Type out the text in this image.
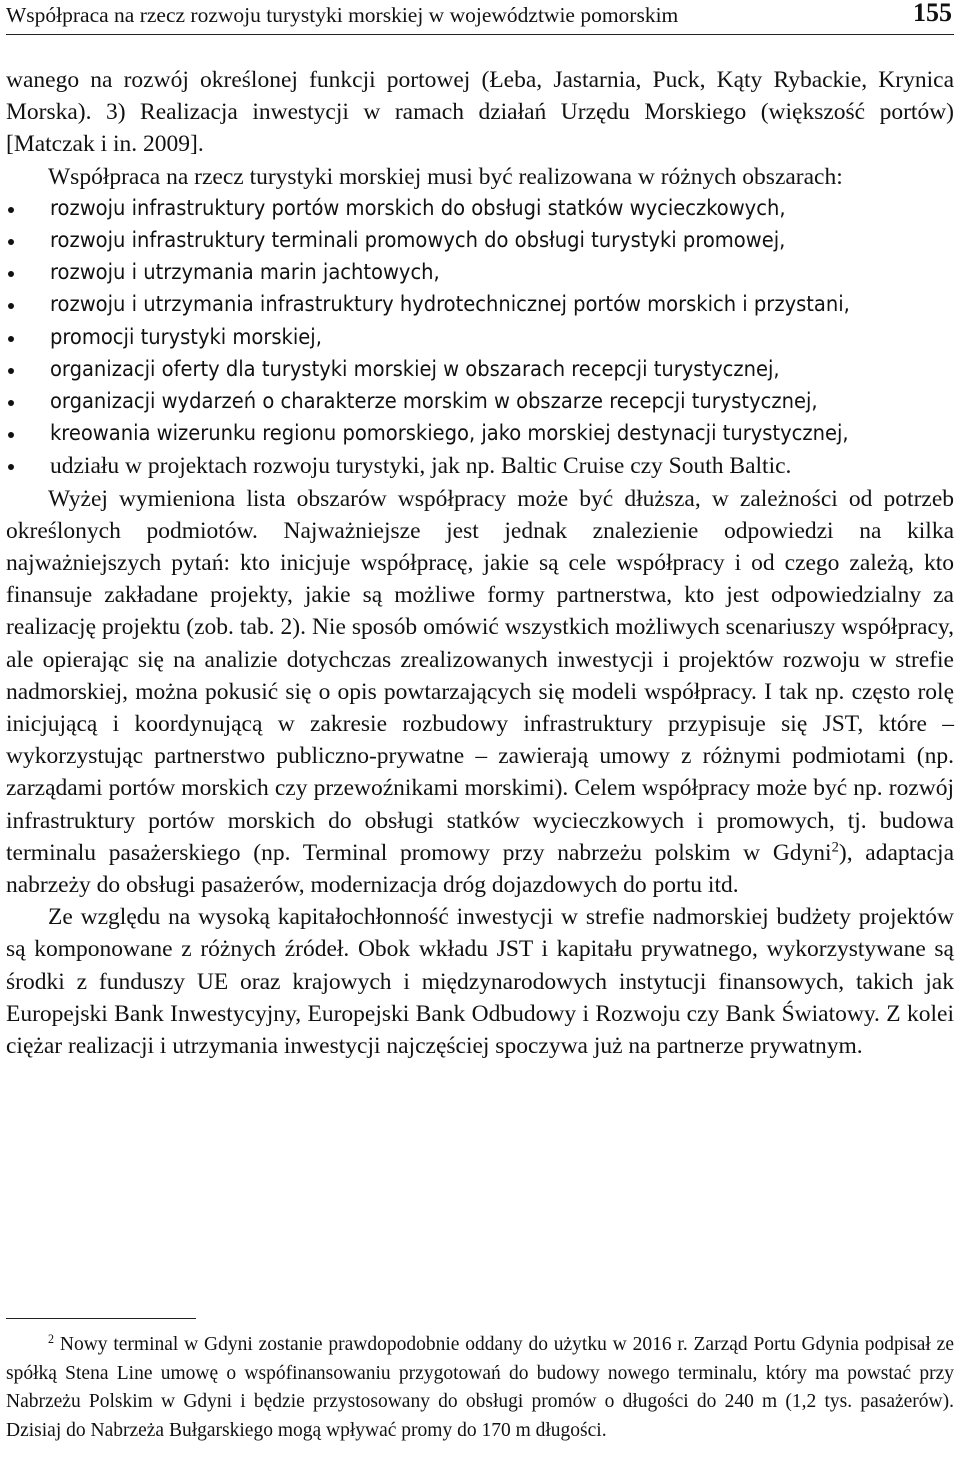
Współpraca na rzecz rozwoju turystyki morskiej w województwie pomorskim	155

wanego na rozwój określonej funkcji portowej (Łeba, Jastarnia, Puck, Kąty Rybackie, Krynica Morska). 3) Realizacja inwestycji w ramach działań Urzędu Morskiego (większość portów) [Matczak i in. 2009].

Współpraca na rzecz turystyki morskiej musi być realizowana w różnych obszarach:

rozwoju infrastruktury portów morskich do obsługi statków wycieczkowych,
rozwoju infrastruktury terminali promowych do obsługi turystyki promowej,
rozwoju i utrzymania marin jachtowych,
rozwoju i utrzymania infrastruktury hydrotechnicznej portów morskich i przystani,
promocji turystyki morskiej,
organizacji oferty dla turystyki morskiej w obszarach recepcji turystycznej,
organizacji wydarzeń o charakterze morskim w obszarze recepcji turystycznej,
kreowania wizerunku regionu pomorskiego, jako morskiej destynacji turystycznej,
udziału w projektach rozwoju turystyki, jak np. Baltic Cruise czy South Baltic.

Wyżej wymieniona lista obszarów współpracy może być dłuższa, w zależności od potrzeb określonych podmiotów. Najważniejsze jest jednak znalezienie odpowiedzi na kilka najważniejszych pytań: kto inicjuje współpracę, jakie są cele współpracy i od czego zależą, kto finansuje zakładane projekty, jakie są możliwe formy partnerstwa, kto jest odpowiedzialny za realizację projektu (zob. tab. 2). Nie sposób omówić wszystkich możliwych scenariuszy współpracy, ale opierając się na analizie dotychczas zrealizowanych inwestycji i projektów rozwoju w strefie nadmorskiej, można pokusić się o opis powtarzających się modeli współpracy. I tak np. często rolę inicjującą i koordynującą w zakresie rozbudowy infrastruktury przypisuje się JST, które – wykorzystując partnerstwo publiczno-prywatne – zawierają umowy z różnymi podmiotami (np. zarządami portów morskich czy przewoźnikami morskimi). Celem współpracy może być np. rozwój infrastruktury portów morskich do obsługi statków wycieczkowych i promowych, tj. budowa terminalu pasażerskiego (np. Terminal promowy przy nabrzeżu polskim w Gdyni$^2$), adaptacja nabrzeży do obsługi pasażerów, modernizacja dróg dojazdowych do portu itd.

Ze względu na wysoką kapitałochłonność inwestycji w strefie nadmorskiej budżety projektów są komponowane z różnych źródeł. Obok wkładu JST i kapitału prywatnego, wykorzystywane są środki z funduszy UE oraz krajowych i międzynarodowych instytucji finansowych, takich jak Europejski Bank Inwestycyjny, Europejski Bank Odbudowy i Rozwoju czy Bank Światowy. Z kolei ciężar realizacji i utrzymania inwestycji najczęściej spoczywa już na partnerze prywatnym.

$^2$ Nowy terminal w Gdyni zostanie prawdopodobnie oddany do użytku w 2016 r. Zarząd Portu Gdynia podpisał ze spółką Stena Line umowę o wspófinansowaniu przygotowań do budowy nowego terminalu, który ma powstać przy Nabrzeżu Polskim w Gdyni i będzie przystosowany do obsługi promów o długości do 240 m (1,2 tys. pasażerów). Dzisiaj do Nabrzeża Bułgarskiego mogą wpływać promy do 170 m długości.
